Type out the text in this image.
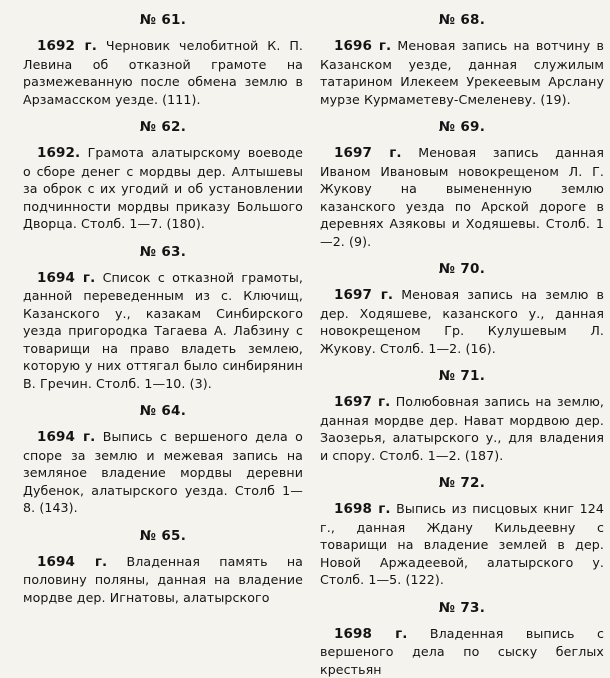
№ 61.

1692 г. Черновик челобитной К. П. Левина об отказной грамоте на размежеванную после обмена землю в Арзамасском уезде. (111).

№ 62.

1692. Грамота алатырскому воеводе о сборе денег с мордвы дер. Алтышевы за оброк с их угодий и об установлении подчинности мордвы приказу Большого Дворца. Столб. 1—7. (180).

№ 63.

1694 г. Список с отказной грамоты, данной переведенным из с. Ключищ, Казанского у., казакам Синбирского уезда пригородка Тагаева А. Лабзину с товарищи на право владеть землею, которую у них оттягал было синбирянин В. Гречин. Столб. 1—10. (3).

№ 64.

1694 г. Выпись с вершеного дела о споре за землю и межевая запись на земляное владение мордвы деревни Дубенок, алатырского уезда. Столб 1—8. (143).

№ 65.

1694 г. Владенная память на половину поляны, данная на владение мордве дер. Игнатовы, алатырского

№ 68.

1696 г. Меновая запись на вотчину в Казанском уезде, данная служилым татарином Илекеем Урекеевым Арслану мурзе Курмаметеву-Смеленеву. (19).

№ 69.

1697 г. Меновая запись данная Иваном Ивановым новокрещеном Л. Г. Жукову на вымененную землю казанского уезда по Арской дороге в деревнях Азяковы и Ходяшевы. Столб. 1—2. (9).

№ 70.

1697 г. Меновая запись на землю в дер. Ходяшеве, казанского у., данная новокрещеном Гр. Кулушевым Л. Жукову. Столб. 1—2. (16).

№ 71.

1697 г. Полюбовная запись на землю, данная мордве дер. Нават мордвою дер. Заозерья, алатырского у., для владения и спору. Столб. 1—2. (187).

№ 72.

1698 г. Выпись из писцовых книг 124 г., данная Ждану Кильдеевну с товарищи на владение землей в дер. Новой Аржадеевой, алатырского у. Столб. 1—5. (122).

№ 73.

1698 г. Владенная выпись с вершеного дела по сыску беглых крестьян
